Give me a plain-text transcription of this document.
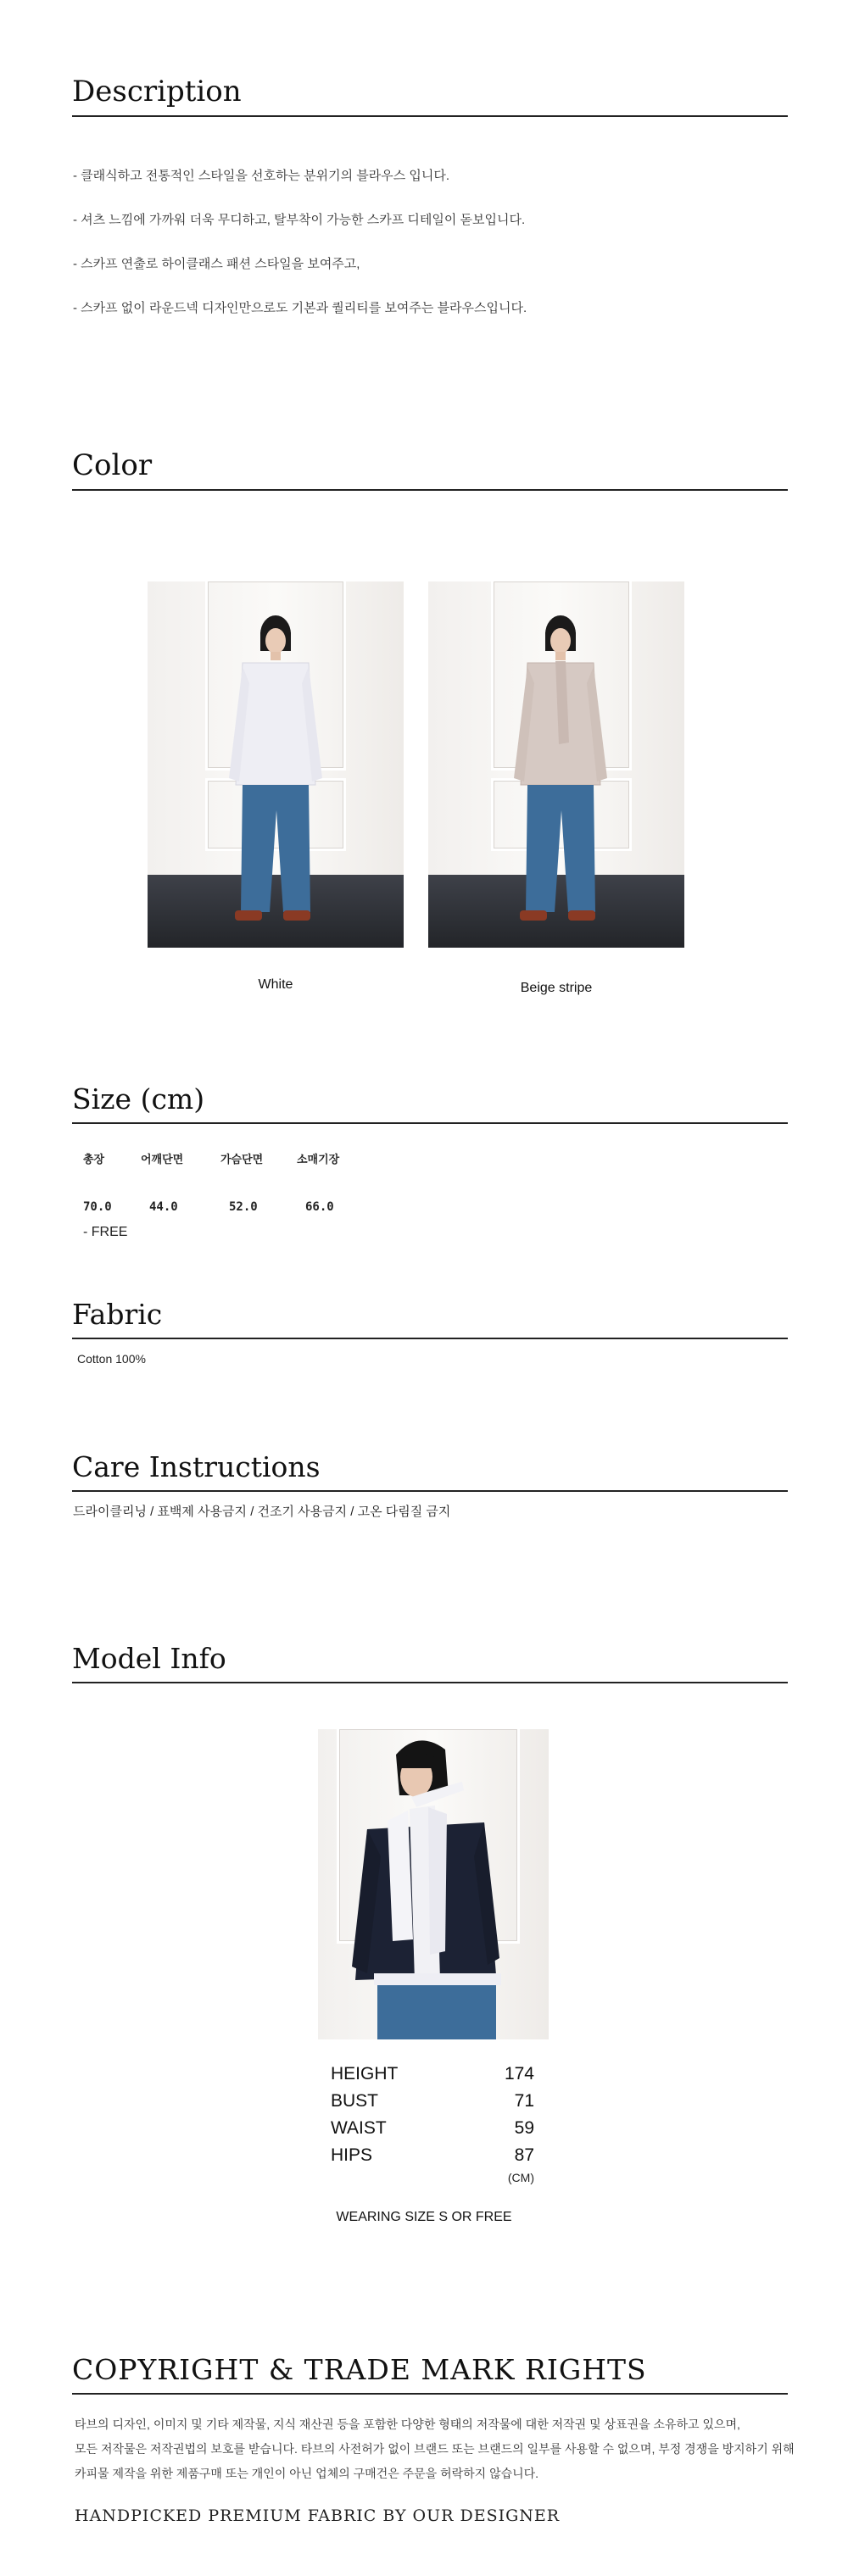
Description

- 클래식하고 전통적인 스타일을 선호하는 분위기의 블라우스 입니다.

- 셔츠 느낌에 가까워 더욱 무디하고, 탈부착이 가능한 스카프 디테일이 돋보입니다.

- 스카프 연출로 하이클래스 패션 스타일을 보여주고,

- 스카프 없이 라운드넥 디자인만으로도 기본과 퀄리티를 보여주는 블라우스입니다.

Color
White	Beige stripe
Size (cm)
총장	어깨단면	가슴단면	소매기장
70.0	44.0	52.0	66.0
- FREE
Fabric
Cotton 100%
Care Instructions
드라이클리닝 / 표백제 사용금지 / 건조기 사용금지 / 고온 다림질 금지
Model Info
HEIGHT	174
BUST	71
WAIST	59
HIPS	87
(CM)
WEARING SIZE S OR FREE
COPYRIGHT & TRADE MARK RIGHTS

타브의 디자인, 이미지 및 기타 제작물, 지식 재산권 등을 포함한 다양한 형태의 저작물에 대한 저작권 및 상표권을 소유하고 있으며,

모든 저작물은 저작권법의 보호를 받습니다. 타브의 사전허가 없이 브랜드 또는 브랜드의 일부를 사용할 수 없으며, 부정 경쟁을 방지하기 위해

카피물 제작을 위한 제품구매 또는 개인이 아닌 업체의 구매건은 주문을 허락하지 않습니다.

HANDPICKED PREMIUM FABRIC BY OUR DESIGNER
